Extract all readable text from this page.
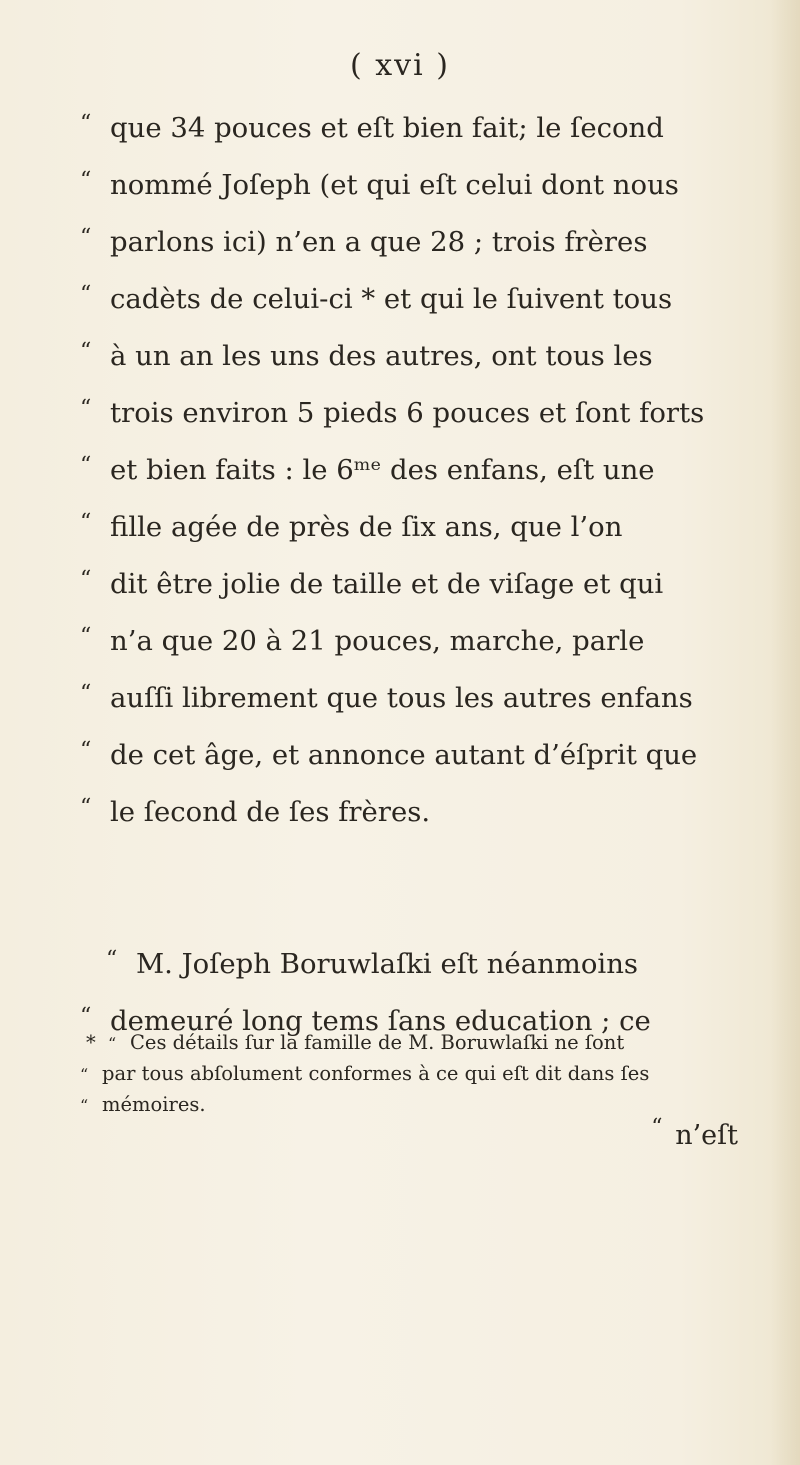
( xvi )
“ que 34 pouces et eſt bien fait; le ſecond
“ nommé Joſeph (et qui eſt celui dont nous
“ parlons ici) n’en a que 28 ; trois frères
“ cadèts de celui-ci * et qui le ſuivent tous
“ à un an les uns des autres, ont tous les
“ trois environ 5 pieds 6 pouces et ſont forts
“ et bien faits : le 6ᵐᵉ des enfans, eſt une
“ fille agée de près de ſix ans, que l’on
“ dit être jolie de taille et de viſage et qui
“ n’a que 20 à 21 pouces, marche, parle
“ auſſi librement que tous les autres enfans
“ de cet âge, et annonce autant d’éſprit que
“ le ſecond de ſes frères.
“ M. Joſeph Boruwlaſki eſt néanmoins
“ demeuré long tems ſans education ; ce
* “ Ces détails ſur la famille de M. Boruwlaſki ne ſont
“ par tous abſolument conformes à ce qui eſt dit dans ſes
“ mémoires.
“ n’eſt
